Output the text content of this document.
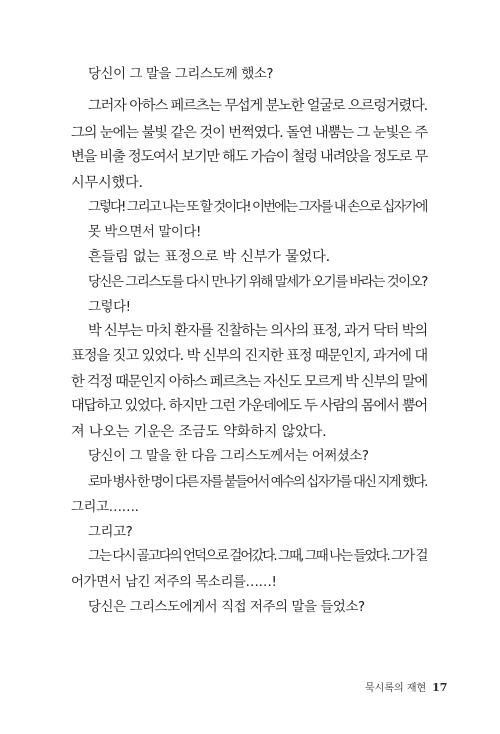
당신이 그 말을 그리스도께 했소?
그러자 아하스 페르츠는 무섭게 분노한 얼굴로 으르렁거렸다.
그의 눈에는 불빛 같은 것이 번쩍였다. 돌연 내뿜는 그 눈빛은 주
변을 비출 정도여서 보기만 해도 가슴이 철렁 내려앉을 정도로 무
시무시했다.
그렇다! 그리고 나는 또 할 것이다! 이번에는 그자를 내 손으로 십자가에
못 박으면서 말이다!
흔들림 없는 표정으로 박 신부가 물었다.
당신은 그리스도를 다시 만나기 위해 말세가 오기를 바라는 것이오?
그렇다!
박 신부는 마치 환자를 진찰하는 의사의 표정, 과거 닥터 박의
표정을 짓고 있었다. 박 신부의 진지한 표정 때문인지, 과거에 대
한 걱정 때문인지 아하스 페르츠는 자신도 모르게 박 신부의 말에
대답하고 있었다. 하지만 그런 가운데에도 두 사람의 몸에서 뿜어
져 나오는 기운은 조금도 약화하지 않았다.
당신이 그 말을 한 다음 그리스도께서는 어쩌셨소?
로마 병사 한 명이 다른 자를 붙들어서 예수의 십자가를 대신 지게 했다.
그리고…….
그리고?
그는 다시 골고다의 언덕으로 걸어갔다. 그때, 그때 나는 들었다. 그가 걸
어가면서 남긴 저주의 목소리를……!
당신은 그리스도에게서 직접 저주의 말을 들었소?
묵시록의 재현 17
